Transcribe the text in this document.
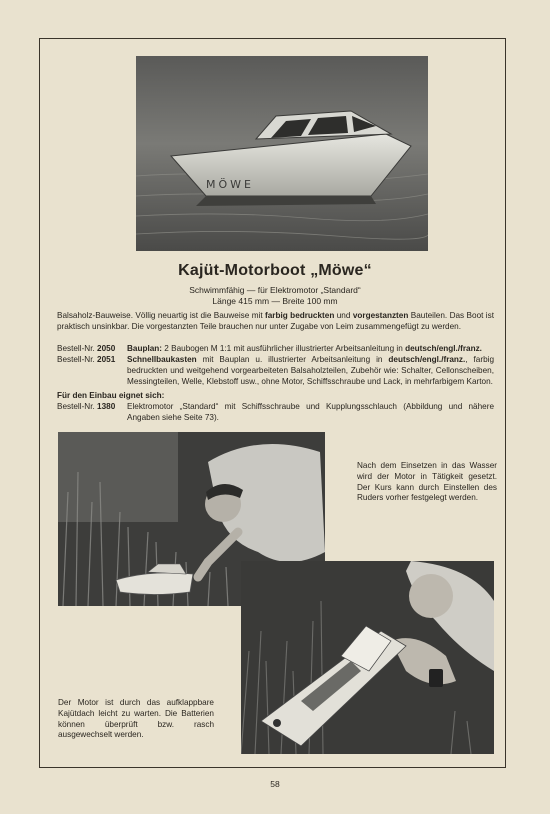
MÖWE
Kajüt-Motorboot „Möwe“
Schwimmfähig — für Elektromotor „Standard“
Länge 415 mm — Breite 100 mm
Balsaholz-Bauweise. Völlig neuartig ist die Bauweise mit farbig bedruckten und vorgestanzten Bauteilen. Das Boot ist praktisch unsinkbar. Die vorgestanzten Teile brauchen nur unter Zugabe von Leim zusammengefügt zu werden.
Bestell-Nr. 2050	Bauplan: 2 Baubogen M 1:1 mit ausführlicher illustrierter Arbeitsanleitung in deutsch/engl./franz.
Bestell-Nr. 2051	Schnellbaukasten mit Bauplan u. illustrierter Arbeitsanleitung in deutsch/engl./franz., farbig bedruckten und weitgehend vorgearbeiteten Balsaholzteilen, Zubehör wie: Schalter, Cellonscheiben, Messingteilen, Welle, Klebstoff usw., ohne Motor, Schiffsschraube und Lack, in mehrfarbigem Karton.
Für den Einbau eignet sich:
Bestell-Nr. 1380	Elektromotor „Standard“ mit Schiffsschraube und Kupplungsschlauch (Abbildung und nähere Angaben siehe Seite 73).
Nach dem Einsetzen in das Wasser wird der Motor in Tätigkeit gesetzt. Der Kurs kann durch Einstellen des Ruders vorher festgelegt werden.
Der Motor ist durch das aufklappbare Kajütdach leicht zu warten. Die Batterien können überprüft bzw. rasch ausgewechselt werden.
58
